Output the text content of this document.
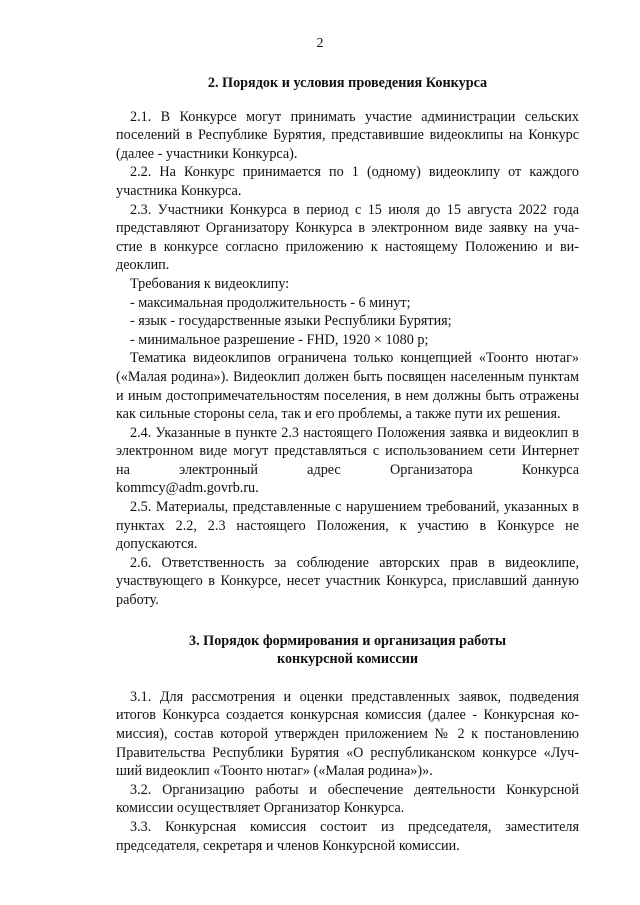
2

2. Порядок и условия проведения Конкурса

2.1. В Конкурсе могут принимать участие администрации сельских поселений в Республике Бурятия, представившие видеоклипы на Конкурс (далее - участники Конкурса).

2.2. На Конкурс принимается по 1 (одному) видеоклипу от каждого участника Конкурса.

2.3. Участники Конкурса в период с 15 июля до 15 августа 2022 года представляют Организатору Конкурса в электронном виде заявку на участие в конкурсе согласно приложению к настоящему Положению и видеоклип.

Требования к видеоклипу:

- максимальная продолжительность - 6 минут;

- язык - государственные языки Республики Бурятия;

- минимальное разрешение - FHD, 1920 × 1080 p;

Тематика видеоклипов ограничена только концепцией «Тоонто нютаг» («Малая родина»). Видеоклип должен быть посвящен населенным пунктам и иным достопримечательностям поселения, в нем должны быть отражены как сильные стороны села, так и его проблемы, а также пути их решения.

2.4. Указанные в пункте 2.3 настоящего Положения заявка и видеоклип в электронном виде могут представляться с использованием сети Интернет на электронный адрес Организатора Конкурса

kommcy@adm.govrb.ru.

2.5. Материалы, представленные с нарушением требований, указанных в пунктах 2.2, 2.3 настоящего Положения, к участию в Конкурсе не допускаются.

2.6. Ответственность за соблюдение авторских прав в видеоклипе, участвующего в Конкурсе, несет участник Конкурса, приславший данную работу.

3. Порядок формирования и организация работы
конкурсной комиссии

3.1. Для рассмотрения и оценки представленных заявок, подведения итогов Конкурса создается конкурсная комиссия (далее - Конкурсная комиссия), состав которой утвержден приложением № 2 к постановлению Правительства Республики Бурятия «О республиканском конкурсе «Лучший видеоклип «Тоонто нютаг» («Малая родина»)».

3.2. Организацию работы и обеспечение деятельности Конкурсной комиссии осуществляет Организатор Конкурса.

3.3. Конкурсная комиссия состоит из председателя, заместителя председателя, секретаря и членов Конкурсной комиссии.
